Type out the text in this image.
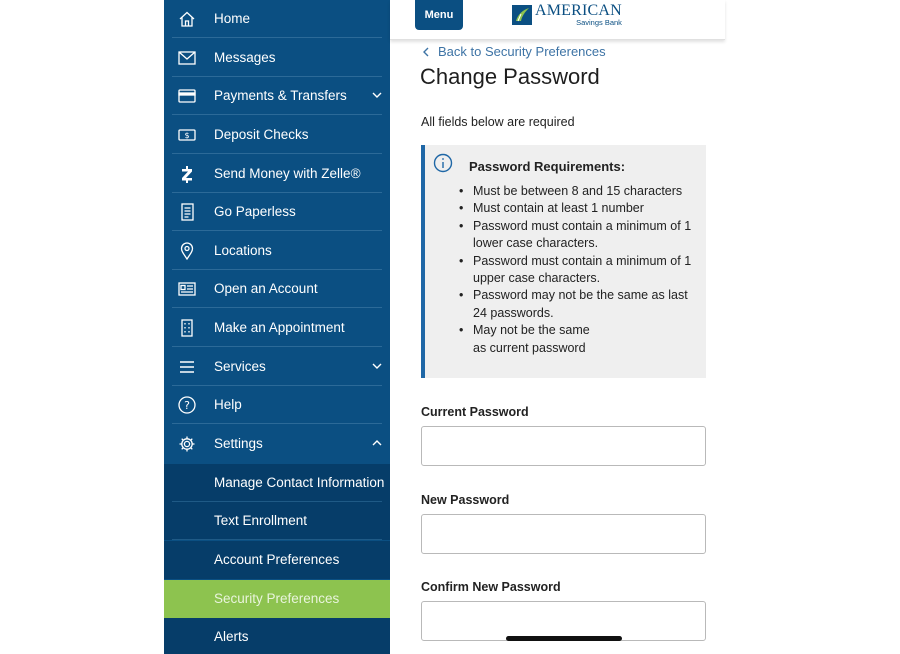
Home
Messages
Payments & Transfers
$ Deposit Checks
Send Money with Zelle®
Go Paperless
Locations
Open an Account
Make an Appointment
Services
? Help
Settings
Manage Contact Information
Text Enrollment
Account Preferences
Security Preferences
Alerts
Menu	AMERICAN
Savings Bank
Back to Security Preferences
Change Password
All fields below are required
Password Requirements:
• Must be between 8 and 15 characters
• Must contain at least 1 number
• Password must contain a minimum of 1 lower case characters.
• Password must contain a minimum of 1 upper case characters.
• Password may not be the same as last 24 passwords.
• May not be the same as current password
Current Password
New Password
Confirm New Password
